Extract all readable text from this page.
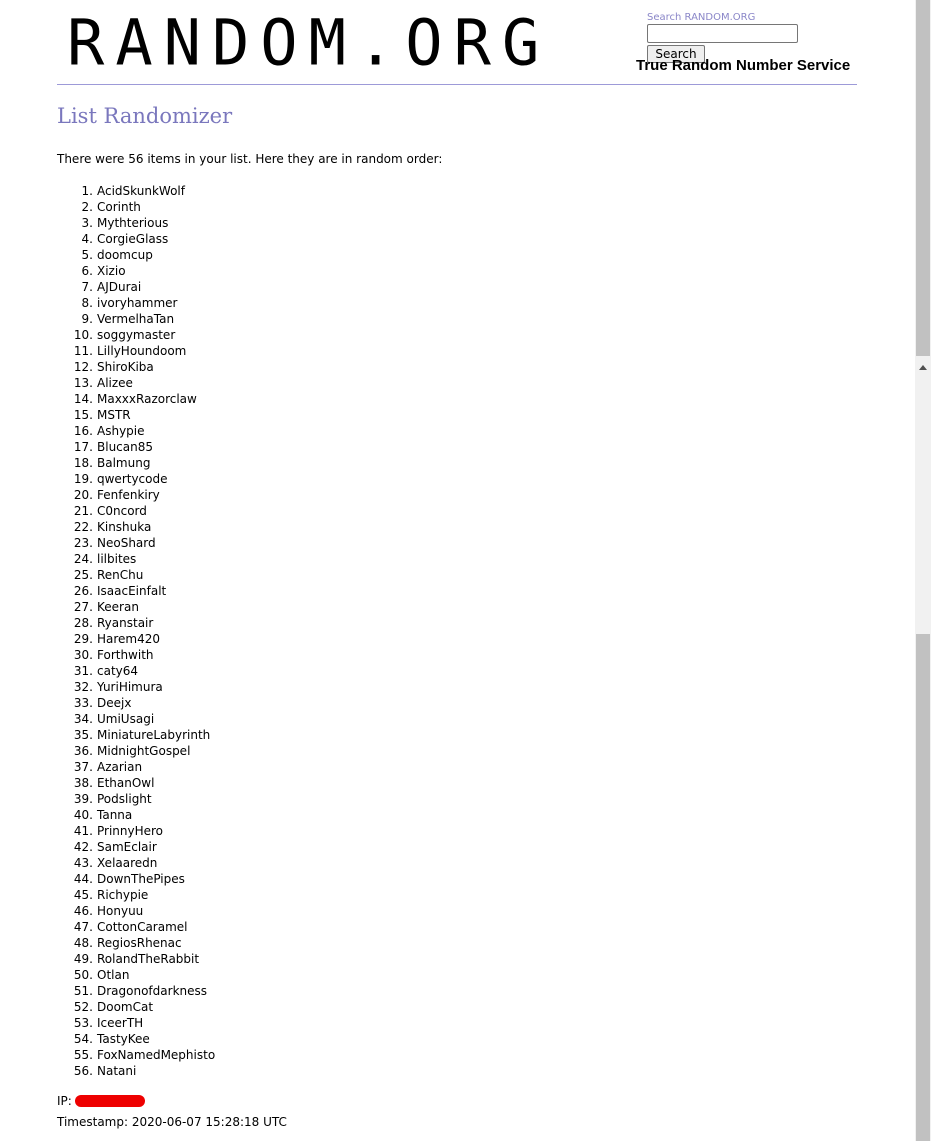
RANDOM.ORG	Search RANDOM.ORG
Search
True Random Number Service
List Randomizer
There were 56 items in your list. Here they are in random order:
1. AcidSkunkWolf
2. Corinth
3. Mythterious
4. CorgieGlass
5. doomcup
6. Xizio
7. AJDurai
8. ivoryhammer
9. VermelhaTan
10. soggymaster
11. LillyHoundoom
12. ShiroKiba
13. Alizee
14. MaxxxRazorclaw
15. MSTR
16. Ashypie
17. Blucan85
18. Balmung
19. qwertycode
20. Fenfenkiry
21. C0ncord
22. Kinshuka
23. NeoShard
24. lilbites
25. RenChu
26. IsaacEinfalt
27. Keeran
28. Ryanstair
29. Harem420
30. Forthwith
31. caty64
32. YuriHimura
33. Deejx
34. UmiUsagi
35. MiniatureLabyrinth
36. MidnightGospel
37. Azarian
38. EthanOwl
39. Podslight
40. Tanna
41. PrinnyHero
42. SamEclair
43. Xelaaredn
44. DownThePipes
45. Richypie
46. Honyuu
47. CottonCaramel
48. RegiosRhenac
49. RolandTheRabbit
50. Otlan
51. Dragonofdarkness
52. DoomCat
53. IceerTH
54. TastyKee
55. FoxNamedMephisto
56. Natani
IP:
Timestamp: 2020-06-07 15:28:18 UTC
